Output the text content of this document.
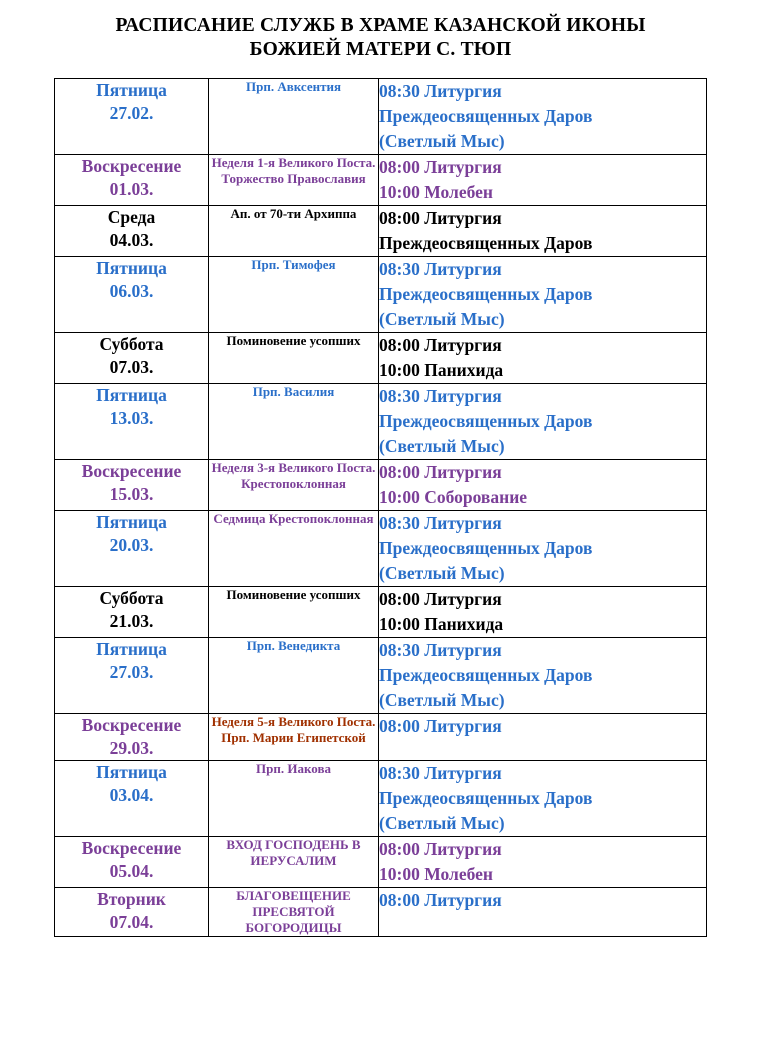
РАСПИСАНИЕ СЛУЖБ В ХРАМЕ КАЗАНСКОЙ ИКОНЫ
БОЖИЕЙ МАТЕРИ С. ТЮП
Пятница
27.02.	Прп. Авксентия	08:30 Литургия
Преждеосвященных Даров
(Светлый Мыс)

Воскресение
01.03.	Неделя 1-я Великого Поста. Торжество Православия	08:00 Литургия
10:00 Молебен

Среда
04.03.	Ап. от 70-ти Архиппа	08:00 Литургия
Преждеосвященных Даров

Пятница
06.03.	Прп. Тимофея	08:30 Литургия
Преждеосвященных Даров
(Светлый Мыс)

Суббота
07.03.	Поминовение усопших	08:00 Литургия
10:00 Панихида

Пятница
13.03.	Прп. Василия	08:30 Литургия
Преждеосвященных Даров
(Светлый Мыс)

Воскресение
15.03.	Неделя 3-я Великого Поста. Крестопоклонная	08:00 Литургия
10:00 Соборование

Пятница
20.03.	Седмица Крестопоклонная	08:30 Литургия
Преждеосвященных Даров
(Светлый Мыс)

Суббота
21.03.	Поминовение усопших	08:00 Литургия
10:00 Панихида

Пятница
27.03.	Прп. Венедикта	08:30 Литургия
Преждеосвященных Даров
(Светлый Мыс)

Воскресение
29.03.	Неделя 5-я Великого Поста. Прп. Марии Египетской	08:00 Литургия

Пятница
03.04.	Прп. Иакова	08:30 Литургия
Преждеосвященных Даров
(Светлый Мыс)

Воскресение
05.04.	ВХОД ГОСПОДЕНЬ В ИЕРУСАЛИМ	08:00 Литургия
10:00 Молебен

Вторник
07.04.	БЛАГОВЕЩЕНИЕ ПРЕСВЯТОЙ БОГОРОДИЦЫ	08:00 Литургия
